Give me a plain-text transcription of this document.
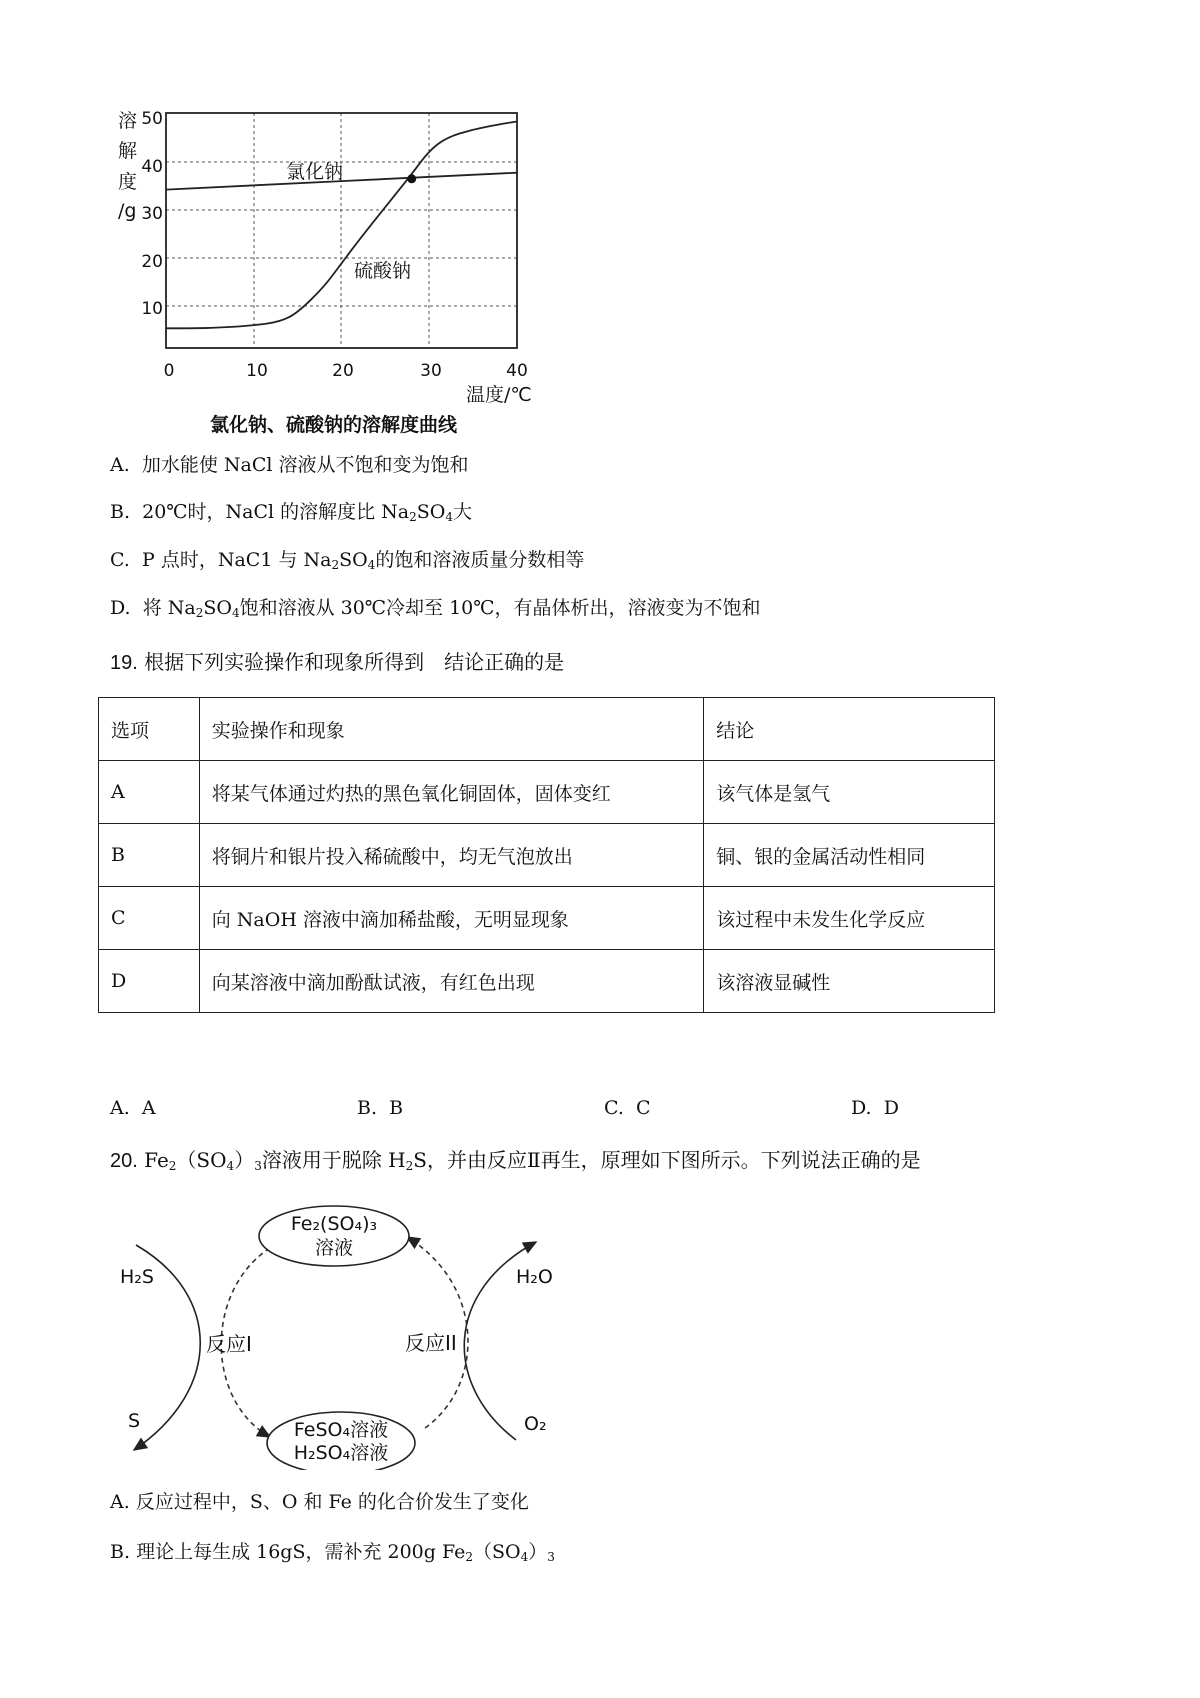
溶
解
度
/g
50
40
30
20
10
0	10	20	30	40
温度/℃
氯化钠
硫酸钠
氯化钠、硫酸钠的溶解度曲线
A. 加水能使 NaCl 溶液从不饱和变为饱和
B. 20℃时，NaCl 的溶解度比 $Na_2SO_4$大
C. P 点时，NaC1 与 $Na_2SO_4$的饱和溶液质量分数相等
D. 将 $Na_2SO_4$饱和溶液从 30℃冷却至 10℃，有晶体析出，溶液变为不饱和
19. 根据下列实验操作和现象所得到　结论正确的是
选项	实验操作和现象	结论
A	将某气体通过灼热的黑色氧化铜固体，固体变红	该气体是氢气
B	将铜片和银片投入稀硫酸中，均无气泡放出	铜、银的金属活动性相同
C	向 NaOH 溶液中滴加稀盐酸，无明显现象	该过程中未发生化学反应
D	向某溶液中滴加酚酞试液，有红色出现	该溶液显碱性
A. A	B. B	C. C	D. D
20. $Fe_2(SO_4)_3$溶液用于脱除 $H_2S$，并由反应Ⅱ再生，原理如下图所示。下列说法正确的是
Fe₂(SO₄)₃
溶液
FeSO₄溶液
H₂SO₄溶液
反应I	反应II
H₂S
S
H₂O
O₂
A. 反应过程中，S、O 和 Fe 的化合价发生了变化
B. 理论上每生成 16gS，需补充 200g $Fe_2(SO_4)_3$
